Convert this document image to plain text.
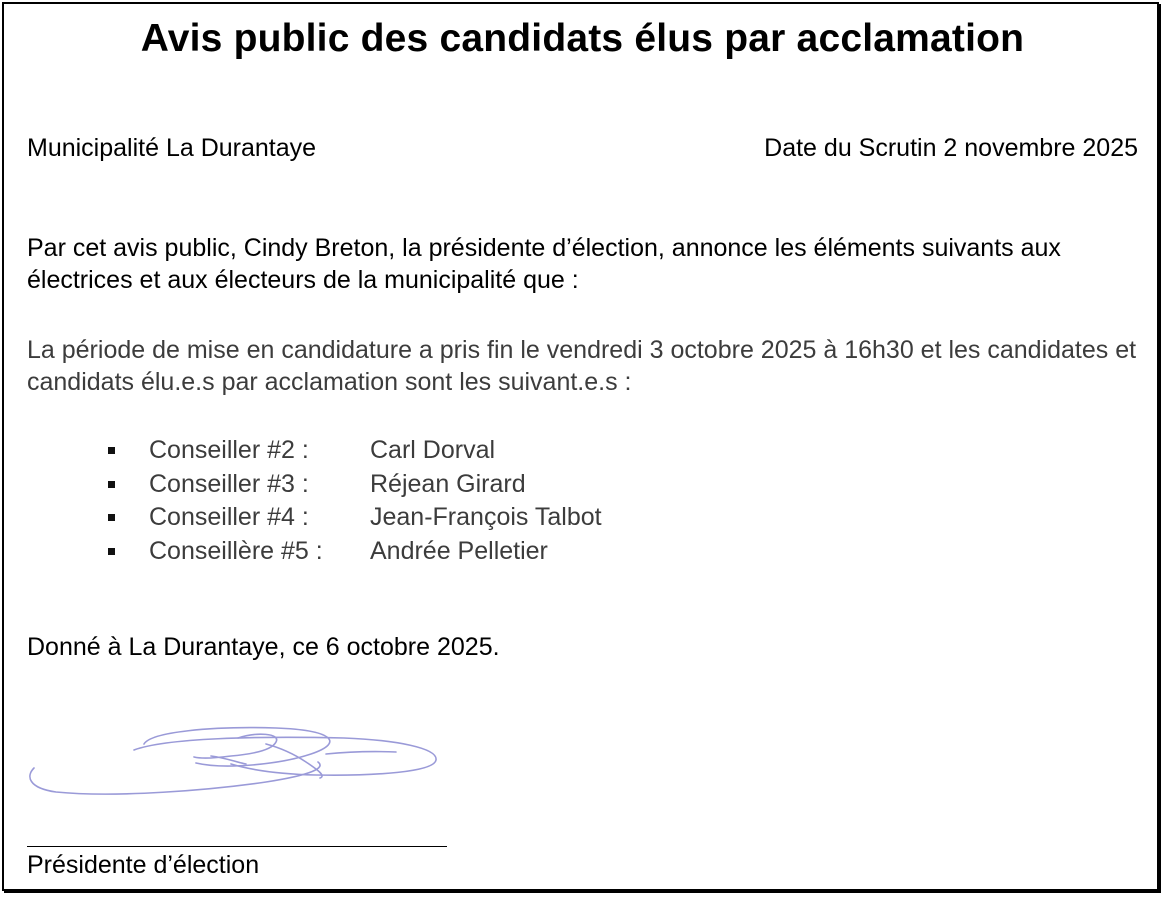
Avis public des candidats élus par acclamation
Municipalité La Durantaye	Date du Scrutin 2 novembre 2025
Par cet avis public, Cindy Breton, la présidente d’élection, annonce les éléments suivants aux électrices et aux électeurs de la municipalité que :
La période de mise en candidature a pris fin le vendredi 3 octobre 2025 à 16h30 et les candidates et candidats élu.e.s par acclamation sont les suivant.e.s :
Conseiller #2 : Carl Dorval
Conseiller #3 : Réjean Girard
Conseiller #4 : Jean-François Talbot
Conseillère #5 : Andrée Pelletier
Donné à La Durantaye, ce 6 octobre 2025.
Présidente d’élection
